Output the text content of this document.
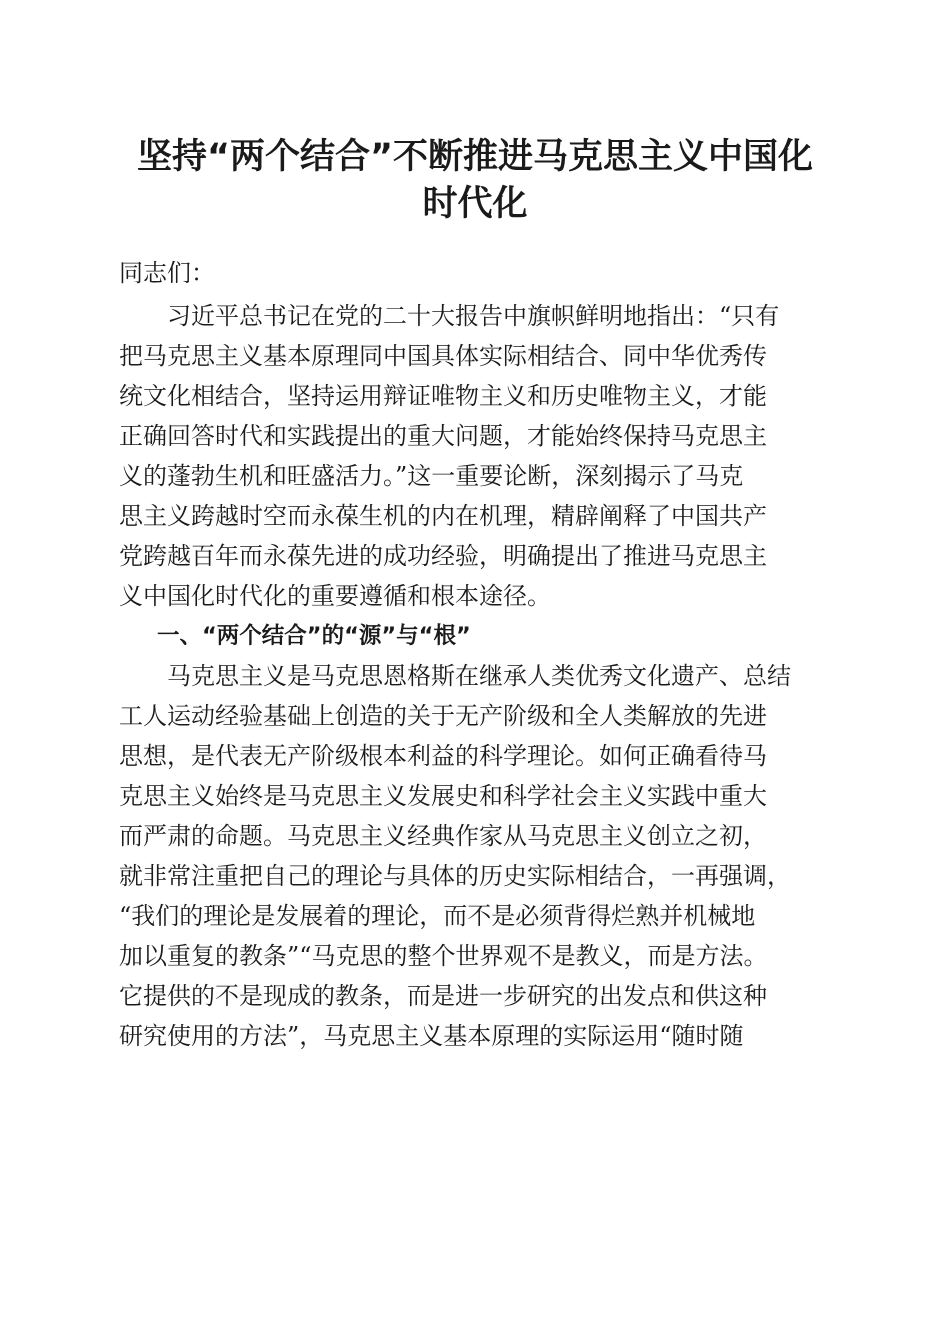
坚持“两个结合”不断推进马克思主义中国化
时代化

同志们：

　　习近平总书记在党的二十大报告中旗帜鲜明地指出：“只有

把马克思主义基本原理同中国具体实际相结合、同中华优秀传

统文化相结合，坚持运用辩证唯物主义和历史唯物主义，才能

正确回答时代和实践提出的重大问题，才能始终保持马克思主

义的蓬勃生机和旺盛活力。”这一重要论断，深刻揭示了马克

思主义跨越时空而永葆生机的内在机理，精辟阐释了中国共产

党跨越百年而永葆先进的成功经验，明确提出了推进马克思主

义中国化时代化的重要遵循和根本途径。

一、“两个结合”的“源”与“根”

　　马克思主义是马克思恩格斯在继承人类优秀文化遗产、总结

工人运动经验基础上创造的关于无产阶级和全人类解放的先进

思想，是代表无产阶级根本利益的科学理论。如何正确看待马

克思主义始终是马克思主义发展史和科学社会主义实践中重大

而严肃的命题。马克思主义经典作家从马克思主义创立之初，

就非常注重把自己的理论与具体的历史实际相结合，一再强调，

“我们的理论是发展着的理论，而不是必须背得烂熟并机械地

加以重复的教条”“马克思的整个世界观不是教义，而是方法。

它提供的不是现成的教条，而是进一步研究的出发点和供这种

研究使用的方法”，马克思主义基本原理的实际运用“随时随
